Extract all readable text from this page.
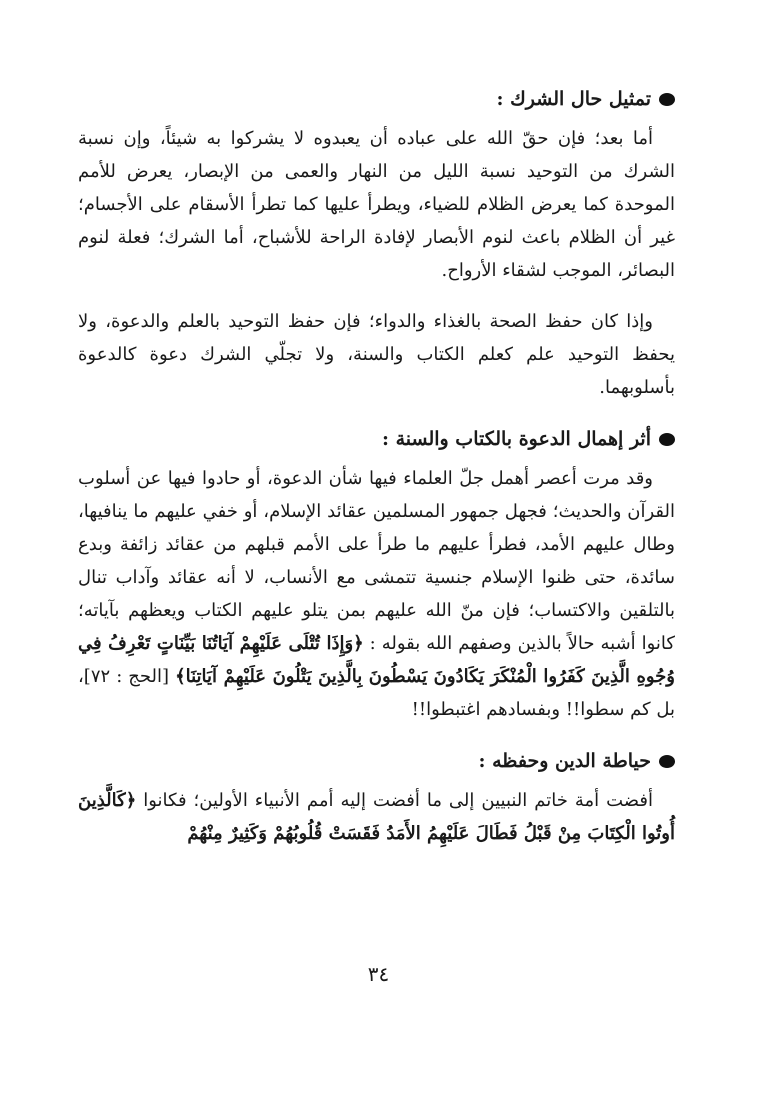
تمثيل حال الشرك :

أما بعد؛ فإن حقّ الله على عباده أن يعبدوه لا يشركوا به شيئاً، وإن نسبة الشرك من التوحيد نسبة الليل من النهار والعمى من الإبصار، يعرض للأمم الموحدة كما يعرض الظلام للضياء، ويطرأ عليها كما تطرأ الأسقام على الأجسام؛ غير أن الظلام باعث لنوم الأبصار لإفادة الراحة للأشباح، أما الشرك؛ فعلة لنوم البصائر، الموجب لشقاء الأرواح.

وإذا كان حفظ الصحة بالغذاء والدواء؛ فإن حفظ التوحيد بالعلم والدعوة، ولا يحفظ التوحيد علم كعلم الكتاب والسنة، ولا تجلّي الشرك دعوة كالدعوة بأسلوبهما.

أثر إهمال الدعوة بالكتاب والسنة :

وقد مرت أعصر أهمل جلّ العلماء فيها شأن الدعوة، أو حادوا فيها عن أسلوب القرآن والحديث؛ فجهل جمهور المسلمين عقائد الإسلام، أو خفي عليهم ما ينافيها، وطال عليهم الأمد، فطرأ عليهم ما طرأ على الأمم قبلهم من عقائد زائفة وبدع سائدة، حتى ظنوا الإسلام جنسية تتمشى مع الأنساب، لا أنه عقائد وآداب تنال بالتلقين والاكتساب؛ فإن منّ الله عليهم بمن يتلو عليهم الكتاب ويعظهم بآياته؛ كانوا أشبه حالاً بالذين وصفهم الله بقوله : ﴿وَإِذَا تُتْلَى عَلَيْهِمْ آيَاتُنَا بَيِّنَاتٍ تَعْرِفُ فِي وُجُوهِ الَّذِينَ كَفَرُوا الْمُنْكَرَ يَكَادُونَ يَسْطُونَ بِالَّذِينَ يَتْلُونَ عَلَيْهِمْ آيَاتِنَا﴾ [الحج : ٧٢]، بل كم سطوا!! وبفسادهم اغتبطوا!!

حياطة الدين وحفظه :

أفضت أمة خاتم النبيين إلى ما أفضت إليه أمم الأنبياء الأولين؛ فكانوا ﴿كَالَّذِينَ أُوتُوا الْكِتَابَ مِنْ قَبْلُ فَطَالَ عَلَيْهِمُ الأَمَدُ فَقَسَتْ قُلُوبُهُمْ وَكَثِيرٌ مِنْهُمْ

٣٤
